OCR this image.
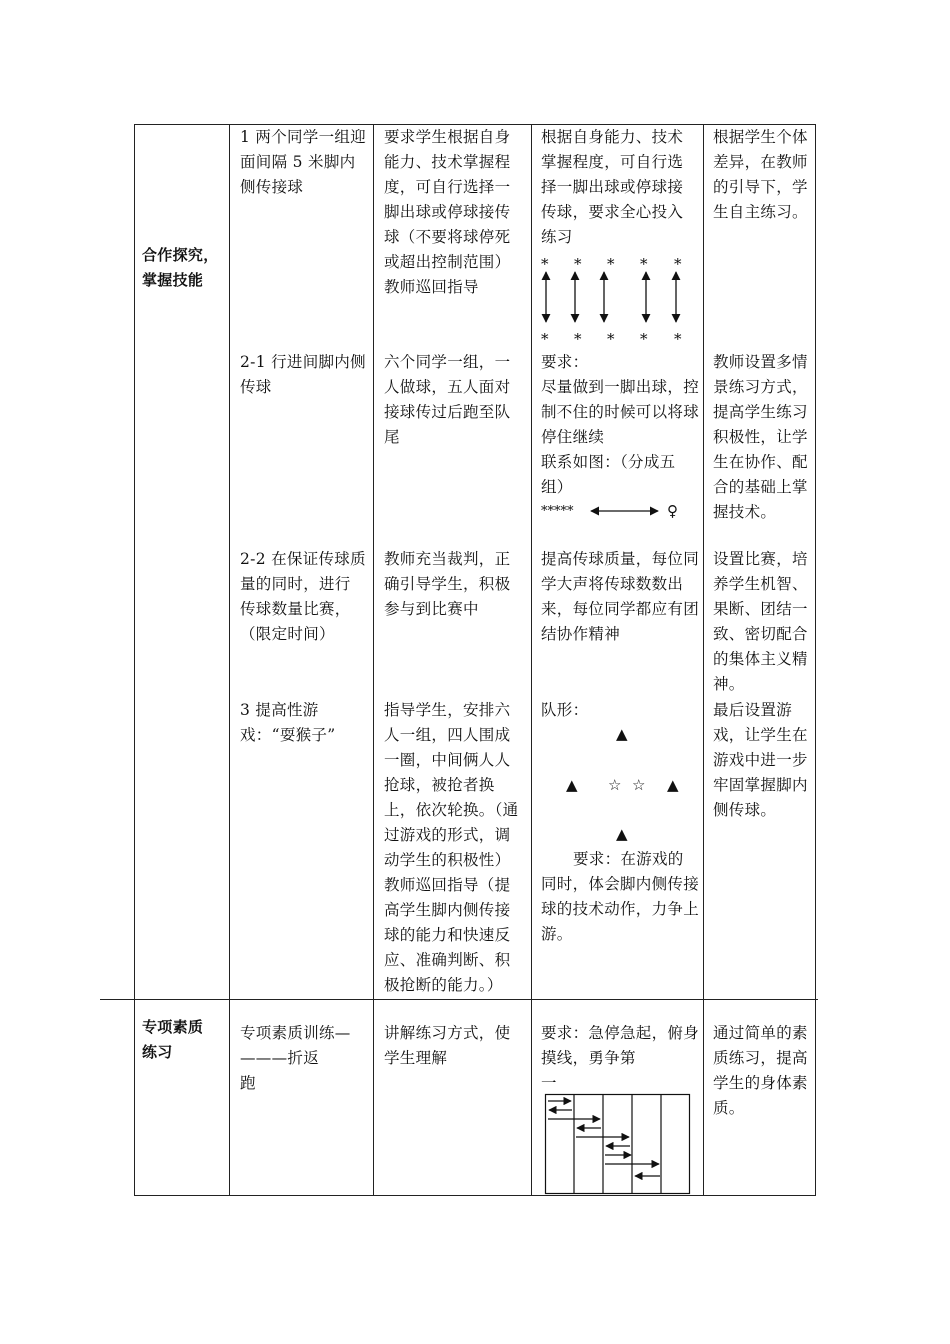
合作探究，
掌握技能
1 两个同学一组迎面间隔 5 米脚内侧传接球
要求学生根据自身能力、技术掌握程度，可自行选择一脚出球或停球接传球（不要将球停死或超出控制范围）教师巡回指导
根据自身能力、技术掌握程度，可自行选择一脚出球或停球接传球，要求全心投入练习
根据学生个体差异，在教师的引导下，学生自主练习。
* * * * *
* * * * *
2-1 行进间脚内侧传球
六个同学一组，一人做球，五人面对接球传过后跑至队尾
要求：
尽量做到一脚出球，控制不住的时候可以将球停住继续
联系如图：（分成五组）
教师设置多情景练习方式，提高学生练习积极性，让学生在协作、配合的基础上掌握技术。
*****	♀
2-2 在保证传球质量的同时，进行传球数量比赛，（限定时间）
教师充当裁判，正确引导学生，积极参与到比赛中
提高传球质量，每位同学大声将传球数数出来，每位同学都应有团结协作精神
设置比赛，培养学生机智、果断、团结一致、密切配合的集体主义精神。
3 提高性游戏：“耍猴子”
指导学生，安排六人一组，四人围成一圈，中间俩人人抢球，被抢者换上，依次轮换。（通过游戏的形式，调动学生的积极性）教师巡回指导（提高学生脚内侧传接球的能力和快速反应、准确判断、积极抢断的能力。）
队形：
▲
▲ ☆ ☆ ▲
▲
要求：在游戏的同时，体会脚内侧传接球的技术动作，力争上游。
最后设置游戏，让学生在游戏中进一步牢固掌握脚内侧传球。
专项素质
练习
专项素质训练—
———折返
跑
讲解练习方式，使学生理解
要求：急停急起，俯身
摸线，勇争第
一
通过简单的素质练习，提高学生的身体素质。
